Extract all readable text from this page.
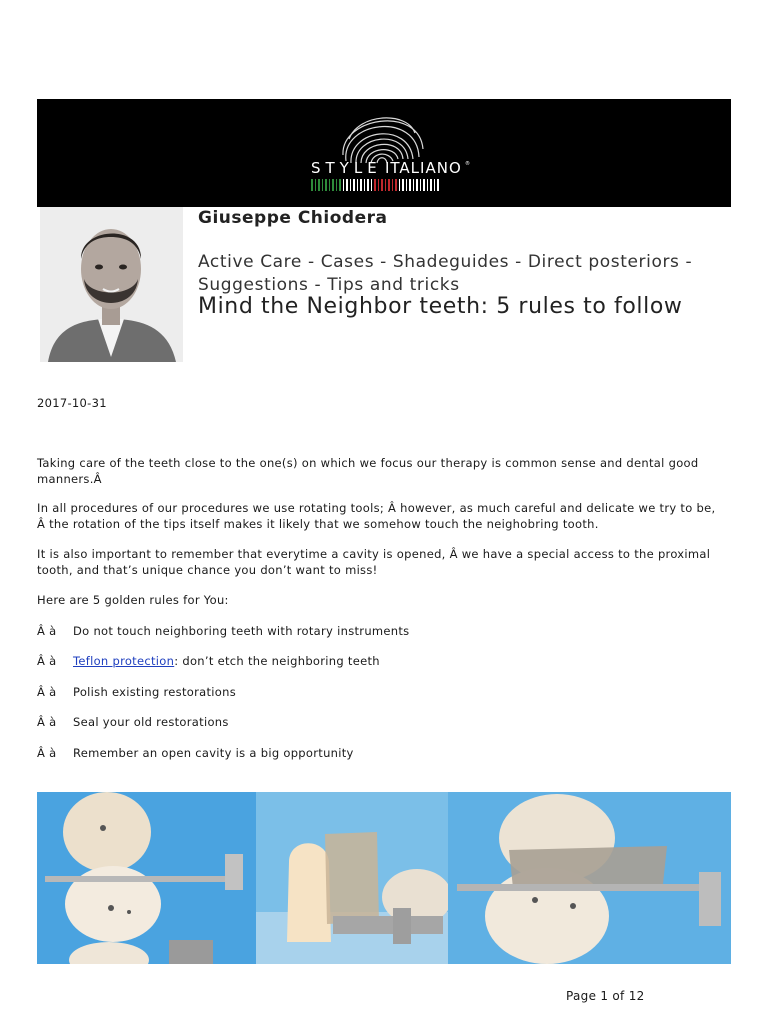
STYLE ITALIANO ®
Giuseppe Chiodera
Active Care - Cases - Shadeguides - Direct posteriors - Suggestions - Tips and tricks
Mind the Neighbor teeth: 5 rules to follow
2017-10-31

Taking care of the teeth close to the one(s) on which we focus our therapy is common sense and dental good manners.Â

In all procedures of our procedures we use rotating tools; Â however, as much careful and delicate we try to be, Â the rotation of the tips itself makes it likely that we somehow touch the neighobring tooth.

It is also important to remember that everytime a cavity is opened, Â we have a special access to the proximal tooth, and that’s unique chance you don’t want to miss!

Here are 5 golden rules for You:

Â à Do not touch neighboring teeth with rotary instruments
Â à Teflon protection: don’t etch the neighboring teeth
Â à Polish existing restorations
Â à Seal your old restorations
Â à Remember an open cavity is a big opportunity
Page 1 of 12
